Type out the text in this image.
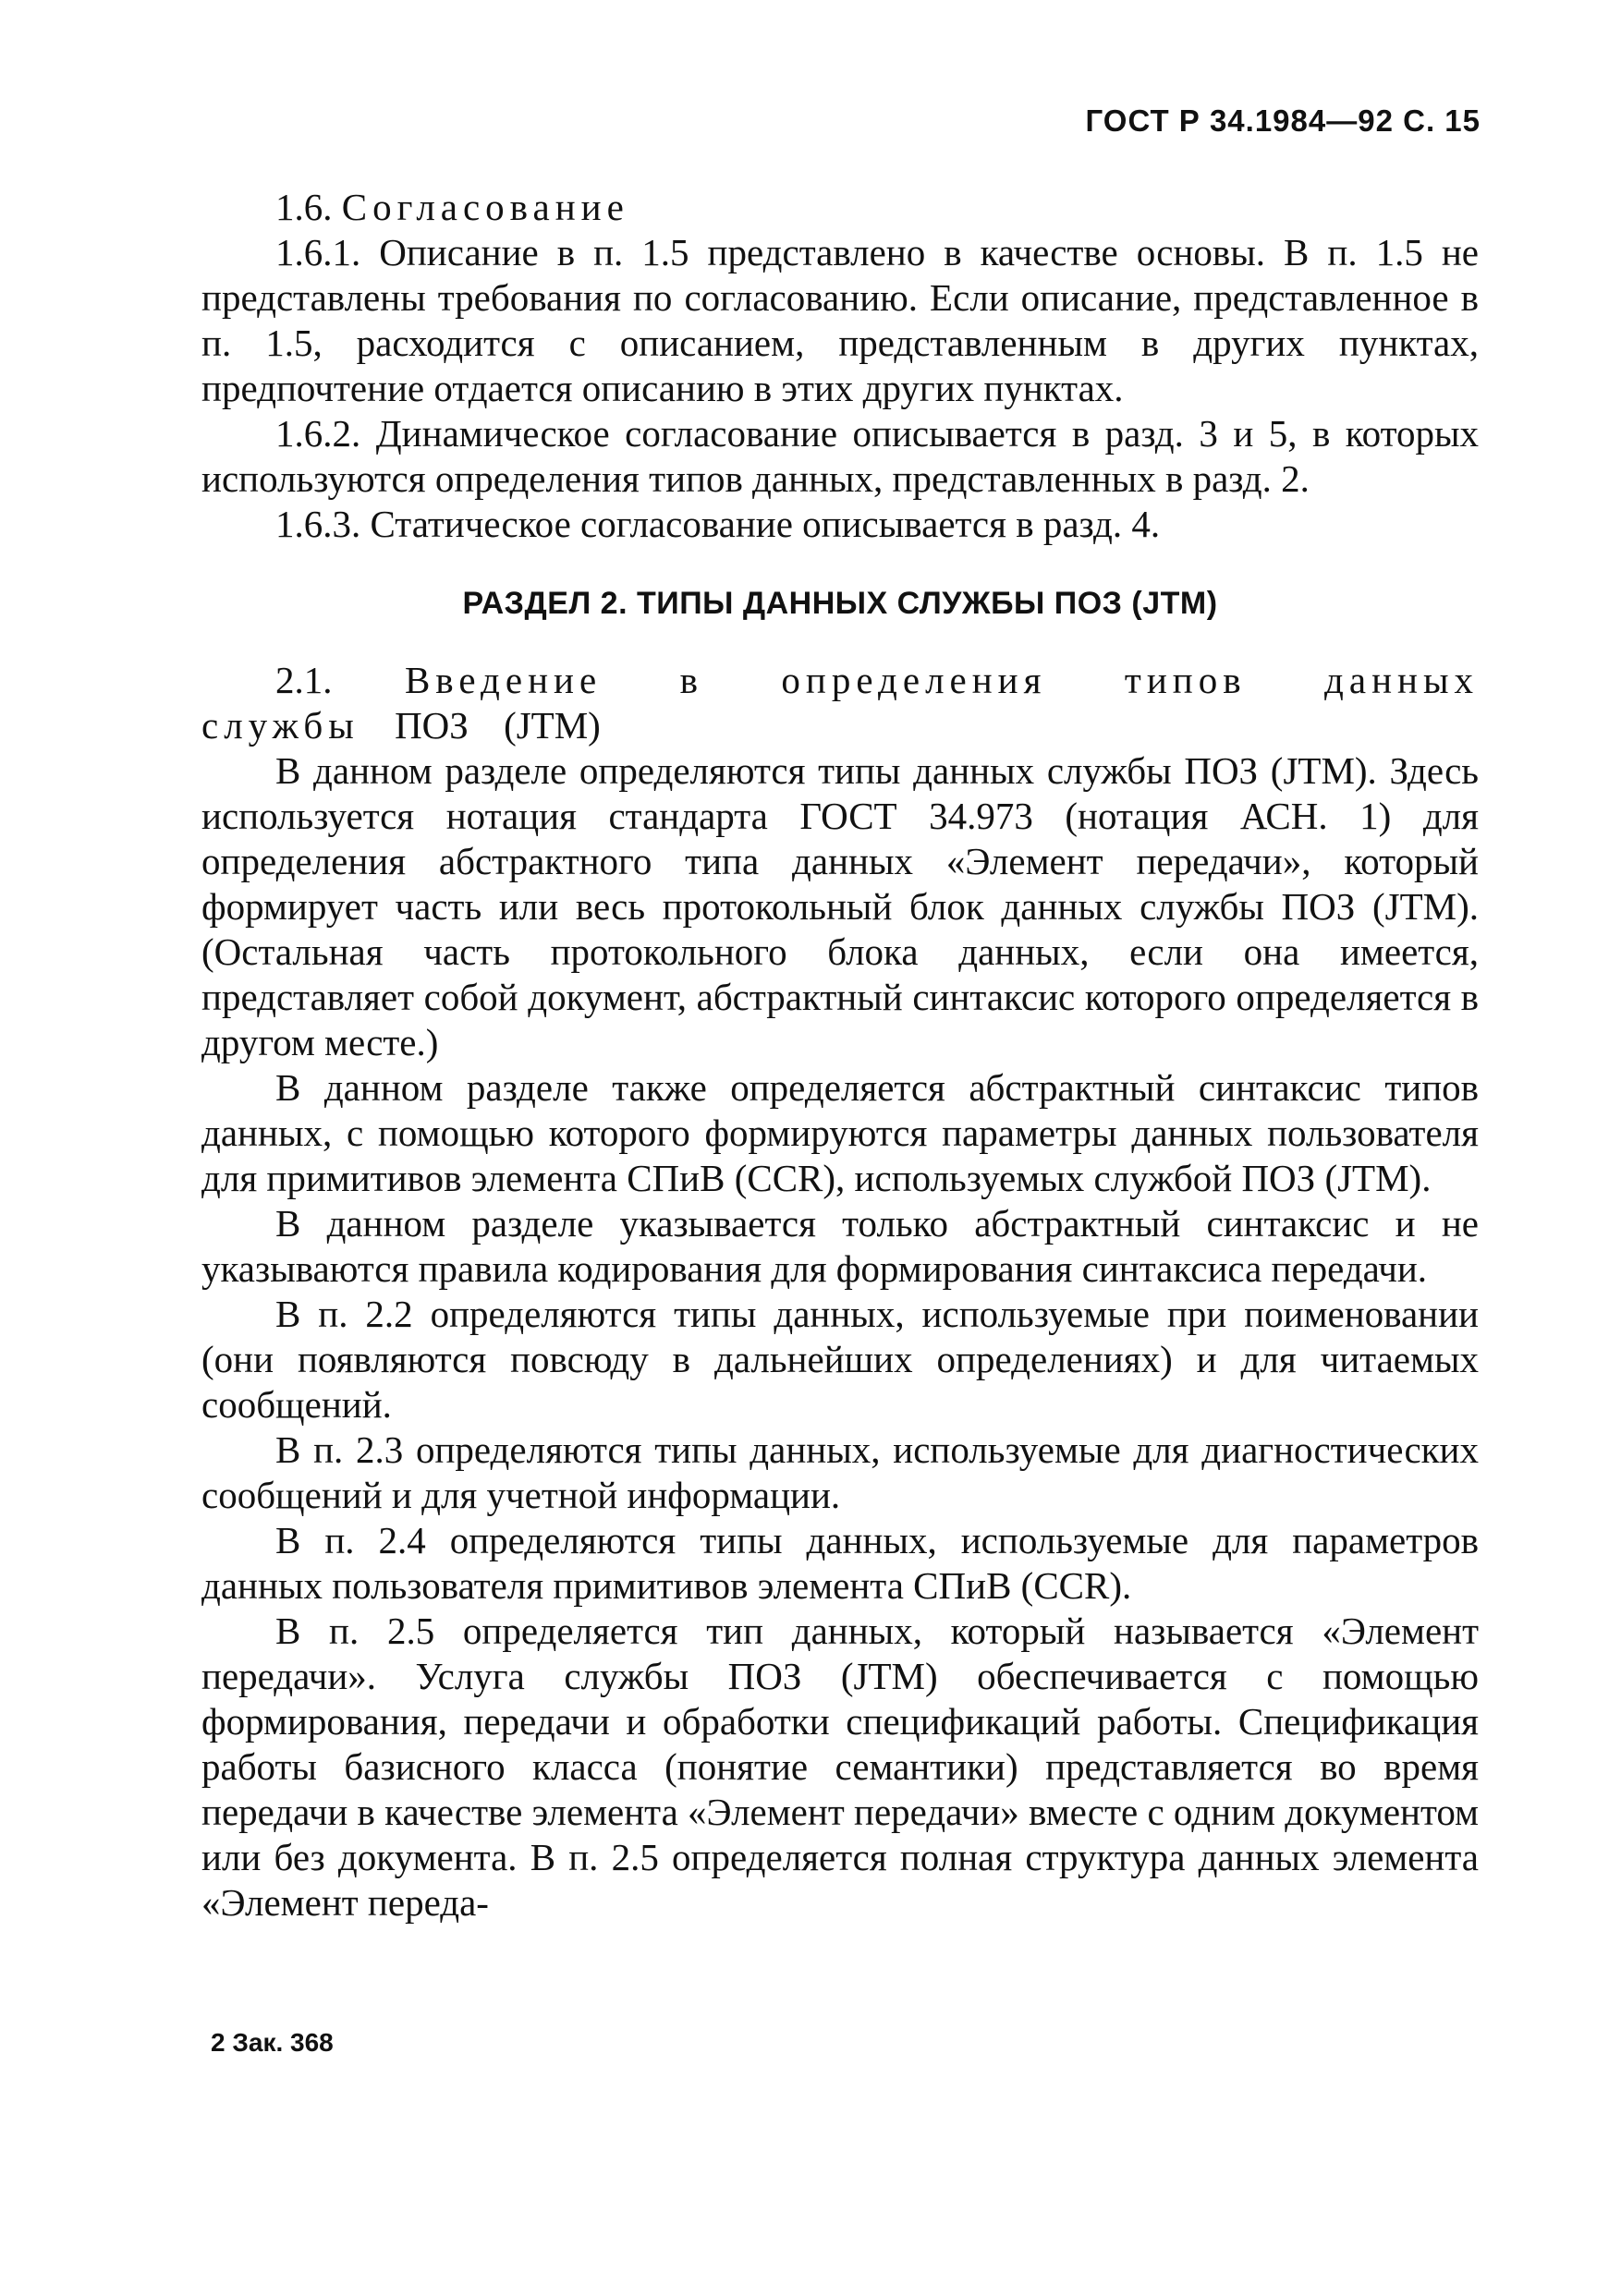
ГОСТ Р 34.1984—92 С. 15

1.6. Согласование

1.6.1. Описание в п. 1.5 представлено в качестве основы. В п. 1.5 не представлены требования по согласованию. Если описание, представленное в п. 1.5, расходится с описанием, представленным в других пунктах, предпочтение отдается описанию в этих других пунктах.

1.6.2. Динамическое согласование описывается в разд. 3 и 5, в которых используются определения типов данных, представленных в разд. 2.

1.6.3. Статическое согласование описывается в разд. 4.

РАЗДЕЛ 2. ТИПЫ ДАННЫХ СЛУЖБЫ ПОЗ (JTM)

2.1. Введение в определения типов данных службы ПОЗ (JTM)

В данном разделе определяются типы данных службы ПОЗ (JTM). Здесь используется нотация стандарта ГОСТ 34.973 (нотация АСН. 1) для определения абстрактного типа данных «Элемент передачи», который формирует часть или весь протокольный блок данных службы ПОЗ (JTM). (Остальная часть протокольного блока данных, если она имеется, представляет собой документ, абстрактный синтаксис которого определяется в другом месте.)

В данном разделе также определяется абстрактный синтаксис типов данных, с помощью которого формируются параметры данных пользователя для примитивов элемента СПиВ (CCR), используемых службой ПОЗ (JTM).

В данном разделе указывается только абстрактный синтаксис и не указываются правила кодирования для формирования синтаксиса передачи.

В п. 2.2 определяются типы данных, используемые при поименовании (они появляются повсюду в дальнейших определениях) и для читаемых сообщений.

В п. 2.3 определяются типы данных, используемые для диагностических сообщений и для учетной информации.

В п. 2.4 определяются типы данных, используемые для параметров данных пользователя примитивов элемента СПиВ (CCR).

В п. 2.5 определяется тип данных, который называется «Элемент передачи». Услуга службы ПОЗ (JTM) обеспечивается с помощью формирования, передачи и обработки спецификаций работы. Спецификация работы базисного класса (понятие семантики) представляется во время передачи в качестве элемента «Элемент передачи» вместе с одним документом или без документа. В п. 2.5 определяется полная структура данных элемента «Элемент переда-

2 Зак. 368
